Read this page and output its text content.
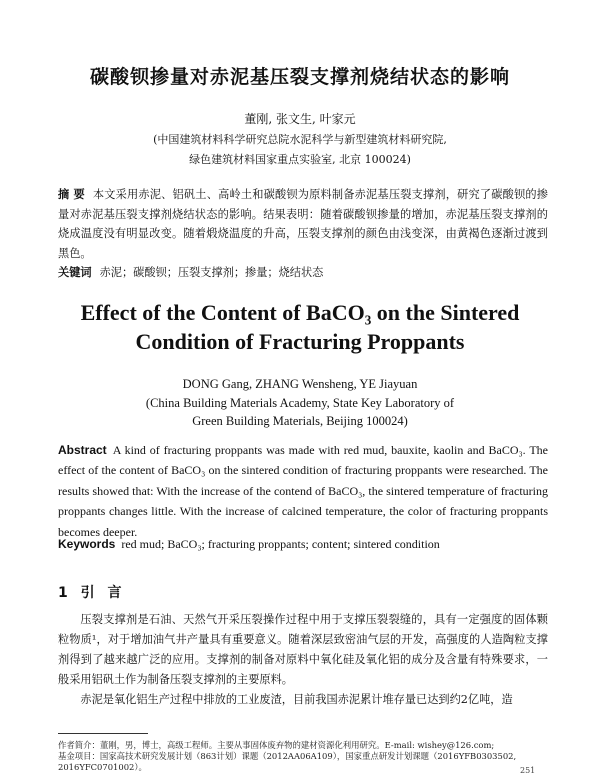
碳酸钡掺量对赤泥基压裂支撑剂烧结状态的影响
董刚, 张文生, 叶家元
(中国建筑材料科学研究总院水泥科学与新型建筑材料研究院,
绿色建筑材料国家重点实验室, 北京 100024)
摘 要 本文采用赤泥、铝矾土、高岭土和碳酸钡为原料制备赤泥基压裂支撑剂，研究了碳酸钡的掺量对赤泥基压裂支撑剂烧结状态的影响。结果表明：随着碳酸钡掺量的增加，赤泥基压裂支撑剂的烧成温度没有明显改变。随着煅烧温度的升高，压裂支撑剂的颜色由浅变深，由黄褐色逐渐过渡到黑色。
关键词 赤泥；碳酸钡；压裂支撑剂；掺量；烧结状态
Effect of the Content of BaCO₃ on the Sintered
Condition of Fracturing Proppants
DONG Gang, ZHANG Wensheng, YE Jiayuan
(China Building Materials Academy, State Key Laboratory of
Green Building Materials, Beijing 100024)
Abstract A kind of fracturing proppants was made with red mud, bauxite, kaolin and BaCO₃. The effect of the content of BaCO₃ on the sintered condition of fracturing proppants were researched. The results showed that: With the increase of the contend of BaCO₃, the sintered temperature of fracturing proppants changes little. With the increase of calcined temperature, the color of fracturing proppants becomes deeper.
Keywords red mud; BaCO₃; fracturing proppants; content; sintered condition
1 引 言

压裂支撑剂是石油、天然气开采压裂操作过程中用于支撑压裂裂缝的，具有一定强度的固体颗粒物质¹，对于增加油气井产量具有重要意义。随着深层致密油气层的开发，高强度的人造陶粒支撑剂得到了越来越广泛的应用。支撑剂的制备对原料中氧化硅及氧化铝的成分及含量有特殊要求，一般采用铝矾土作为制备压裂支撑剂的主要原料。

赤泥是氧化铝生产过程中排放的工业废渣，目前我国赤泥累计堆存量已达到约2亿吨，造

作者简介：董刚，男，博士，高级工程师。主要从事固体废弃物的建材资源化利用研究。E-mail: wishey@126.com;

基金项目：国家高技术研究发展计划（863计划）课题（2012AA06A109），国家重点研发计划课题（2016YFB0303502, 2016YFC0701002）。	251
